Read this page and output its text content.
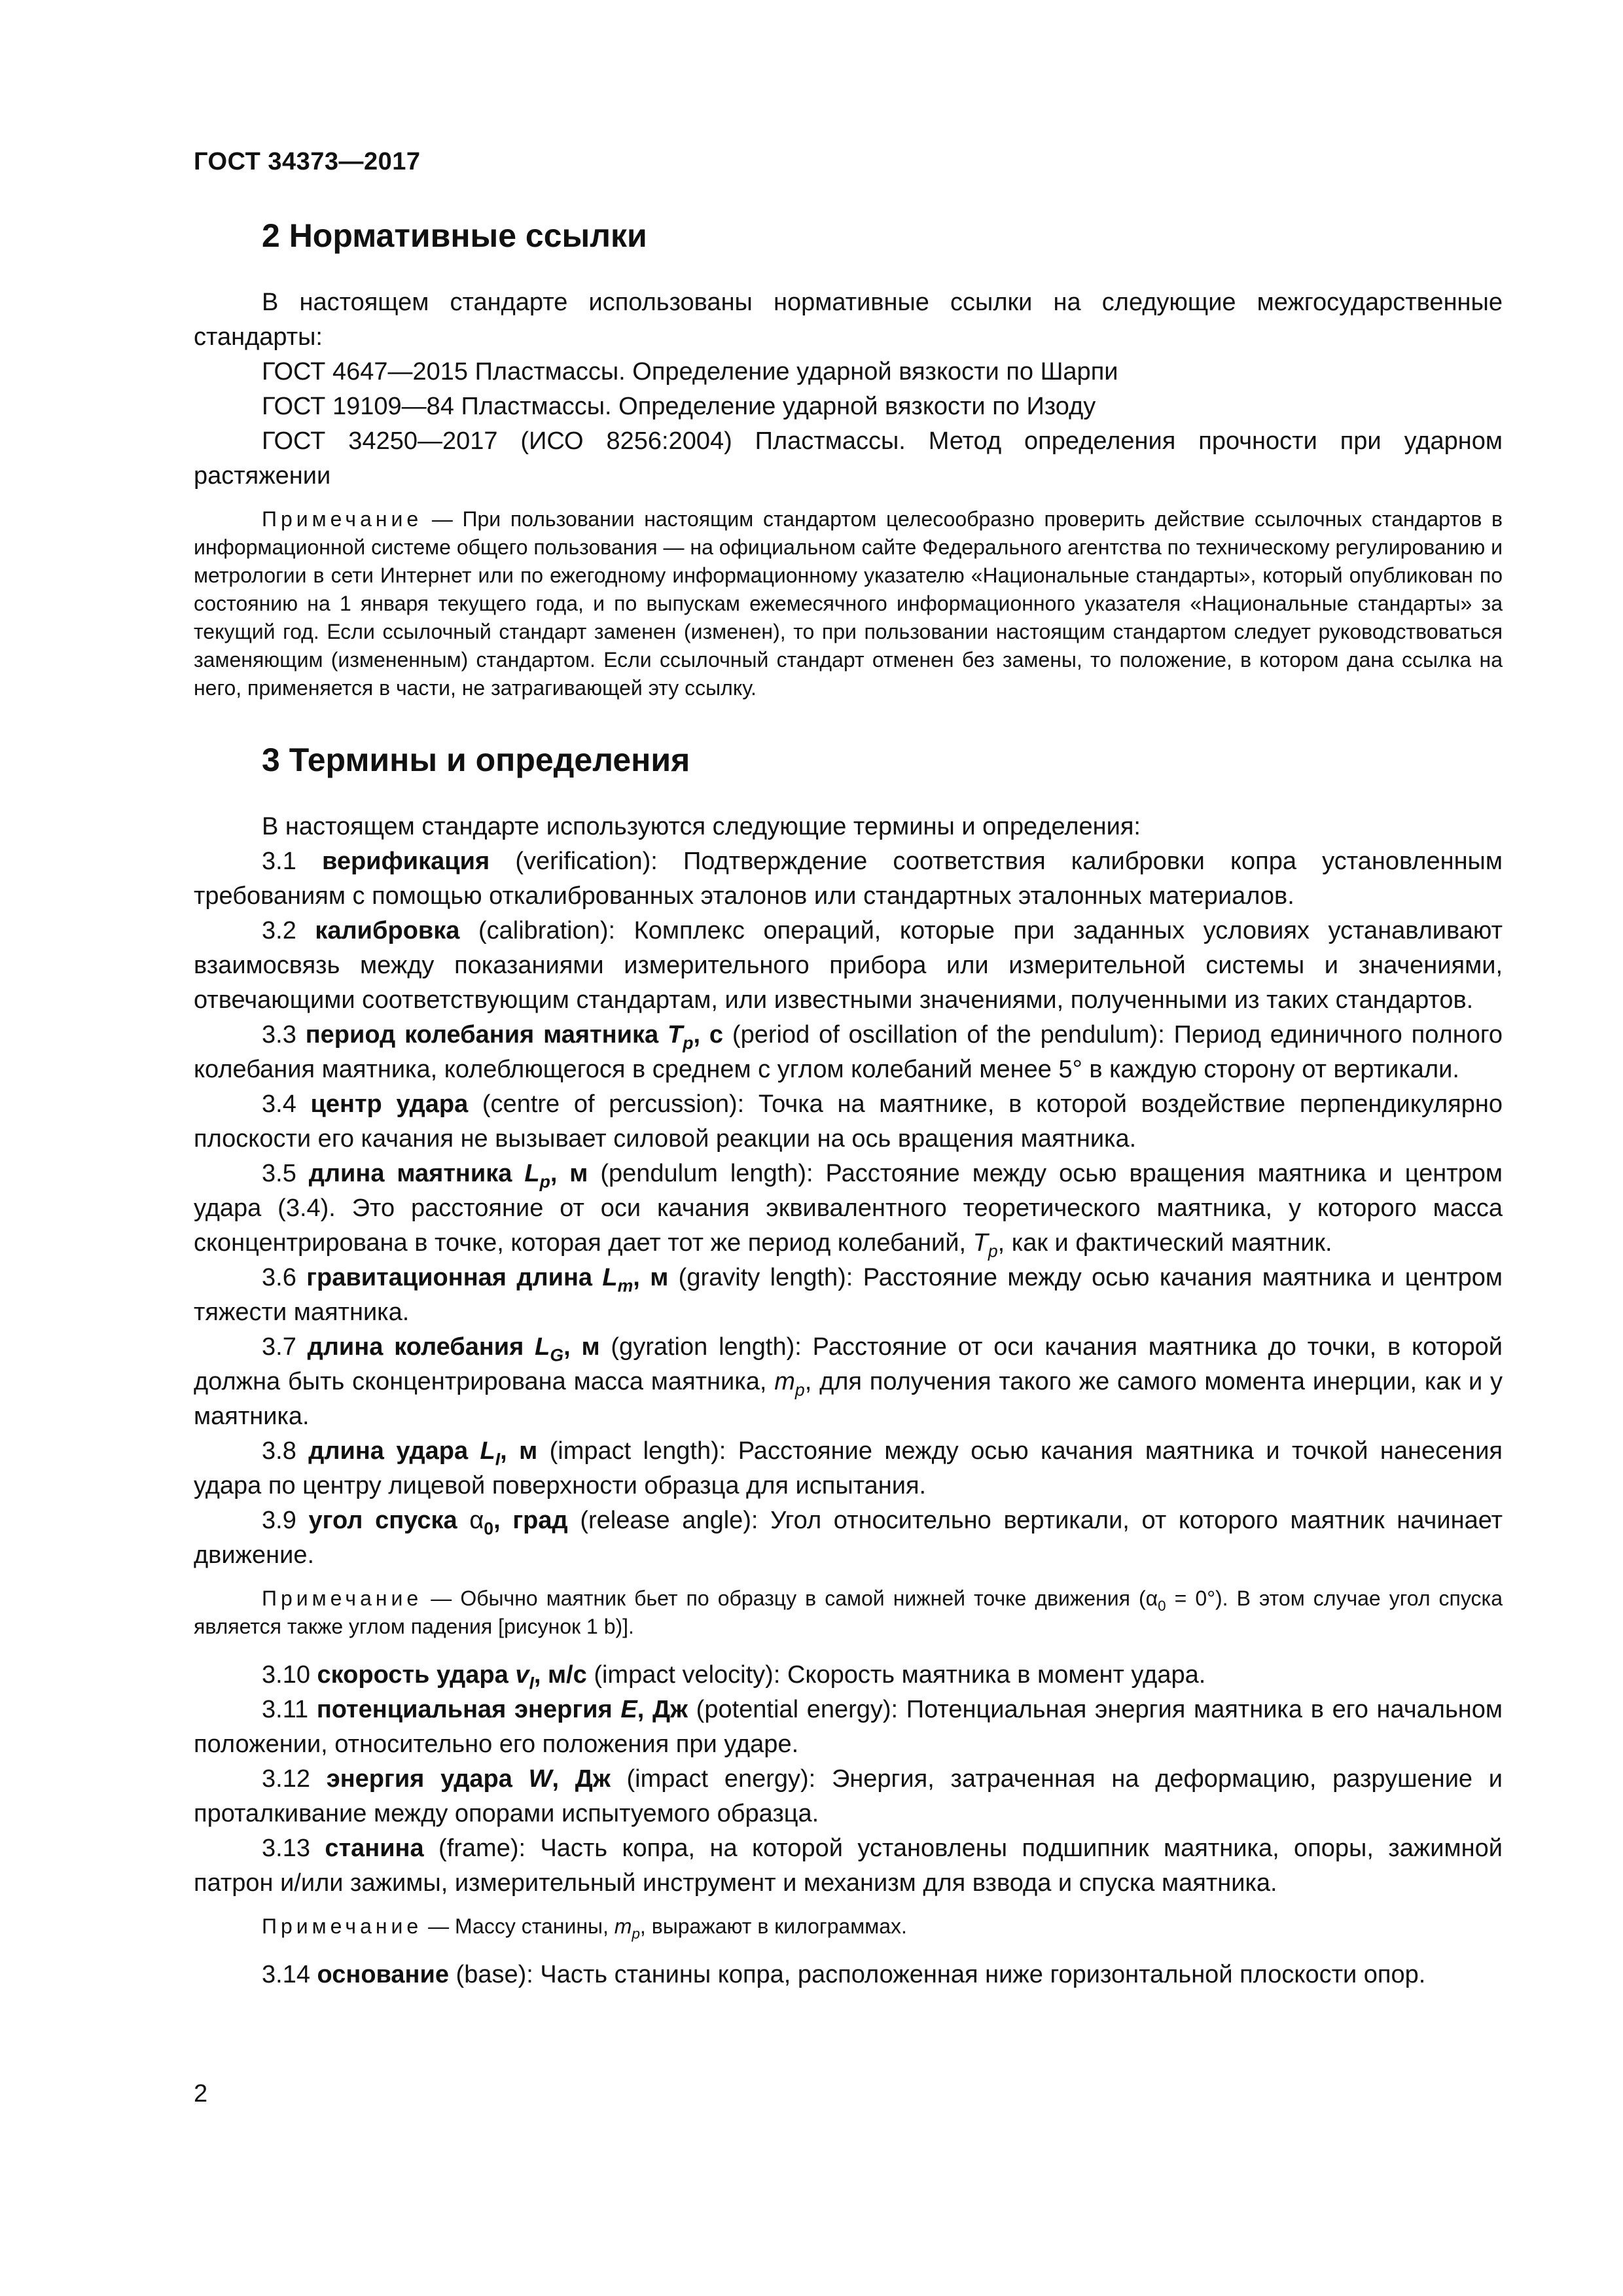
ГОСТ 34373—2017
2 Нормативные ссылки

В настоящем стандарте использованы нормативные ссылки на следующие межгосударственные стандарты:

ГОСТ 4647—2015 Пластмассы. Определение ударной вязкости по Шарпи

ГОСТ 19109—84 Пластмассы. Определение ударной вязкости по Изоду

ГОСТ 34250—2017 (ИСО 8256:2004) Пластмассы. Метод определения прочности при ударном растяжении

Примечание — При пользовании настоящим стандартом целесообразно проверить действие ссылочных стандартов в информационной системе общего пользования — на официальном сайте Федерального агентства по техническому регулированию и метрологии в сети Интернет или по ежегодному информационному указателю «Национальные стандарты», который опубликован по состоянию на 1 января текущего года, и по выпускам ежемесячного информационного указателя «Национальные стандарты» за текущий год. Если ссылочный стандарт заменен (изменен), то при пользовании настоящим стандартом следует руководствоваться заменяющим (измененным) стандартом. Если ссылочный стандарт отменен без замены, то положение, в котором дана ссылка на него, применяется в части, не затрагивающей эту ссылку.
3 Термины и определения

В настоящем стандарте используются следующие термины и определения:

3.1 верификация (verification): Подтверждение соответствия калибровки копра установленным требованиям с помощью откалиброванных эталонов или стандартных эталонных материалов.

3.2 калибровка (calibration): Комплекс операций, которые при заданных условиях устанавливают взаимосвязь между показаниями измерительного прибора или измерительной системы и значениями, отвечающими соответствующим стандартам, или известными значениями, полученными из таких стандартов.

3.3 период колебания маятника $T_p$, с (period of oscillation of the pendulum): Период единичного полного колебания маятника, колеблющегося в среднем с углом колебаний менее 5° в каждую сторону от вертикали.

3.4 центр удара (centre of percussion): Точка на маятнике, в которой воздействие перпендикулярно плоскости его качания не вызывает силовой реакции на ось вращения маятника.

3.5 длина маятника $L_p$, м (pendulum length): Расстояние между осью вращения маятника и центром удара (3.4). Это расстояние от оси качания эквивалентного теоретического маятника, у которого масса сконцентрирована в точке, которая дает тот же период колебаний, $T_p$, как и фактический маятник.

3.6 гравитационная длина $L_m$, м (gravity length): Расстояние между осью качания маятника и центром тяжести маятника.

3.7 длина колебания $L_G$, м (gyration length): Расстояние от оси качания маятника до точки, в которой должна быть сконцентрирована масса маятника, $m_p$, для получения такого же самого момента инерции, как и у маятника.

3.8 длина удара $L_I$, м (impact length): Расстояние между осью качания маятника и точкой нанесения удара по центру лицевой поверхности образца для испытания.

3.9 угол спуска $\alpha_0$, град (release angle): Угол относительно вертикали, от которого маятник начинает движение.

Примечание — Обычно маятник бьет по образцу в самой нижней точке движения $(\alpha_0 = 0^\circ)$. В этом случае угол спуска является также углом падения [рисунок 1 b)].

3.10 скорость удара $v_I$, м/с (impact velocity): Скорость маятника в момент удара.

3.11 потенциальная энергия E, Дж (potential energy): Потенциальная энергия маятника в его начальном положении, относительно его положения при ударе.

3.12 энергия удара W, Дж (impact energy): Энергия, затраченная на деформацию, разрушение и проталкивание между опорами испытуемого образца.

3.13 станина (frame): Часть копра, на которой установлены подшипник маятника, опоры, зажимной патрон и/или зажимы, измерительный инструмент и механизм для взвода и спуска маятника.

Примечание — Массу станины, $m_p$, выражают в килограммах.

3.14 основание (base): Часть станины копра, расположенная ниже горизонтальной плоскости опор.

2
